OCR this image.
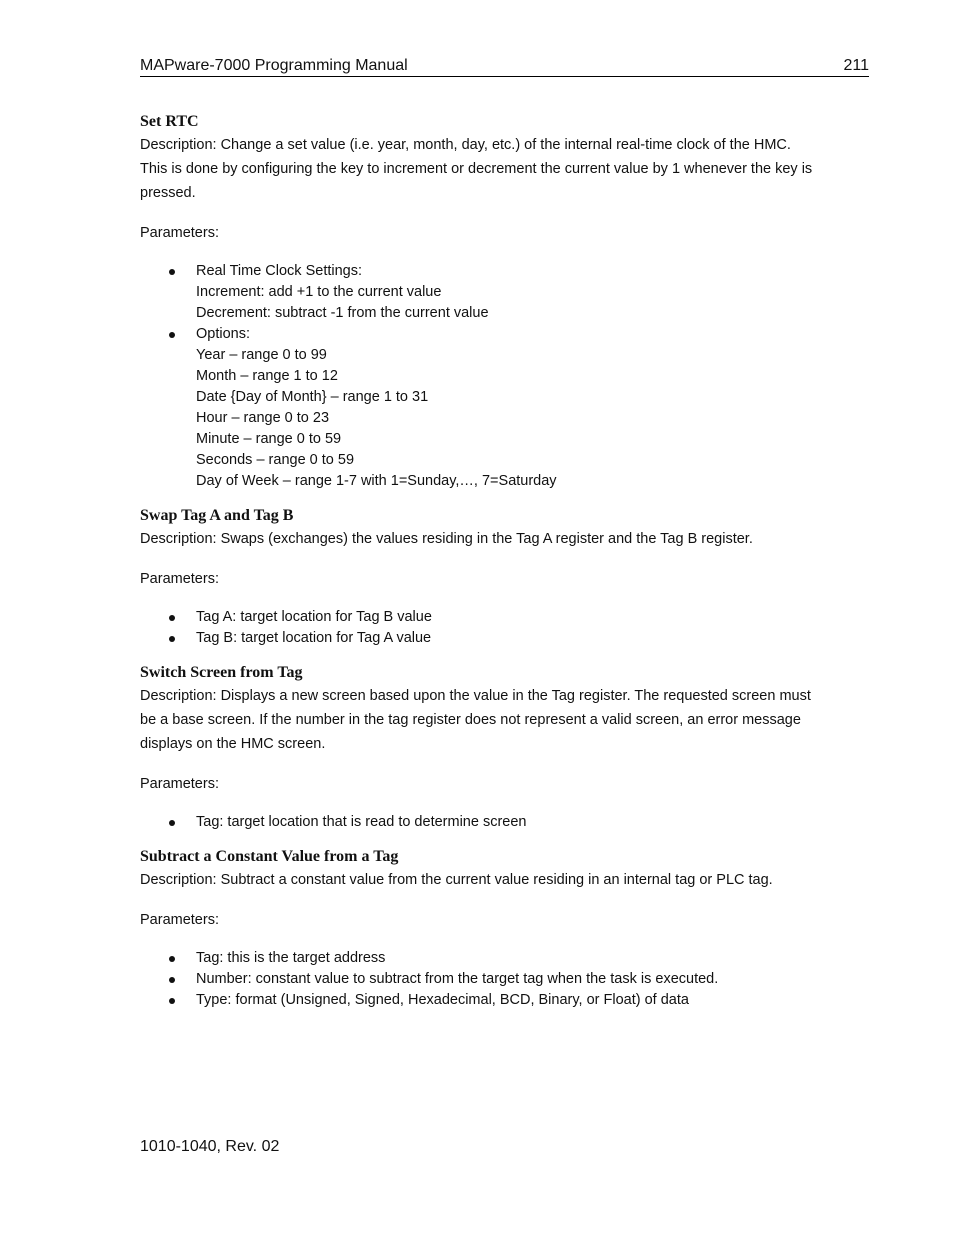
MAPware-7000 Programming Manual	211
Set RTC

Description: Change a set value (i.e. year, month, day, etc.) of the internal real-time clock of the HMC. This is done by configuring the key to increment or decrement the current value by 1 whenever the key is pressed.

Parameters:

Real Time Clock Settings:
Increment: add +1 to the current value
Decrement: subtract -1 from the current value
Options:
Year – range 0 to 99
Month – range 1 to 12
Date {Day of Month} – range 1 to 31
Hour – range 0 to 23
Minute – range 0 to 59
Seconds – range 0 to 59
Day of Week – range 1-7 with 1=Sunday,…, 7=Saturday
Swap Tag A and Tag B

Description: Swaps (exchanges) the values residing in the Tag A register and the Tag B register.

Parameters:

Tag A: target location for Tag B value
Tag B: target location for Tag A value
Switch Screen from Tag

Description: Displays a new screen based upon the value in the Tag register. The requested screen must be a base screen. If the number in the tag register does not represent a valid screen, an error message displays on the HMC screen.

Parameters:

Tag: target location that is read to determine screen
Subtract a Constant Value from a Tag

Description: Subtract a constant value from the current value residing in an internal tag or PLC tag.

Parameters:

Tag: this is the target address
Number: constant value to subtract from the target tag when the task is executed.
Type: format (Unsigned, Signed, Hexadecimal, BCD, Binary, or Float) of data
1010-1040, Rev. 02
